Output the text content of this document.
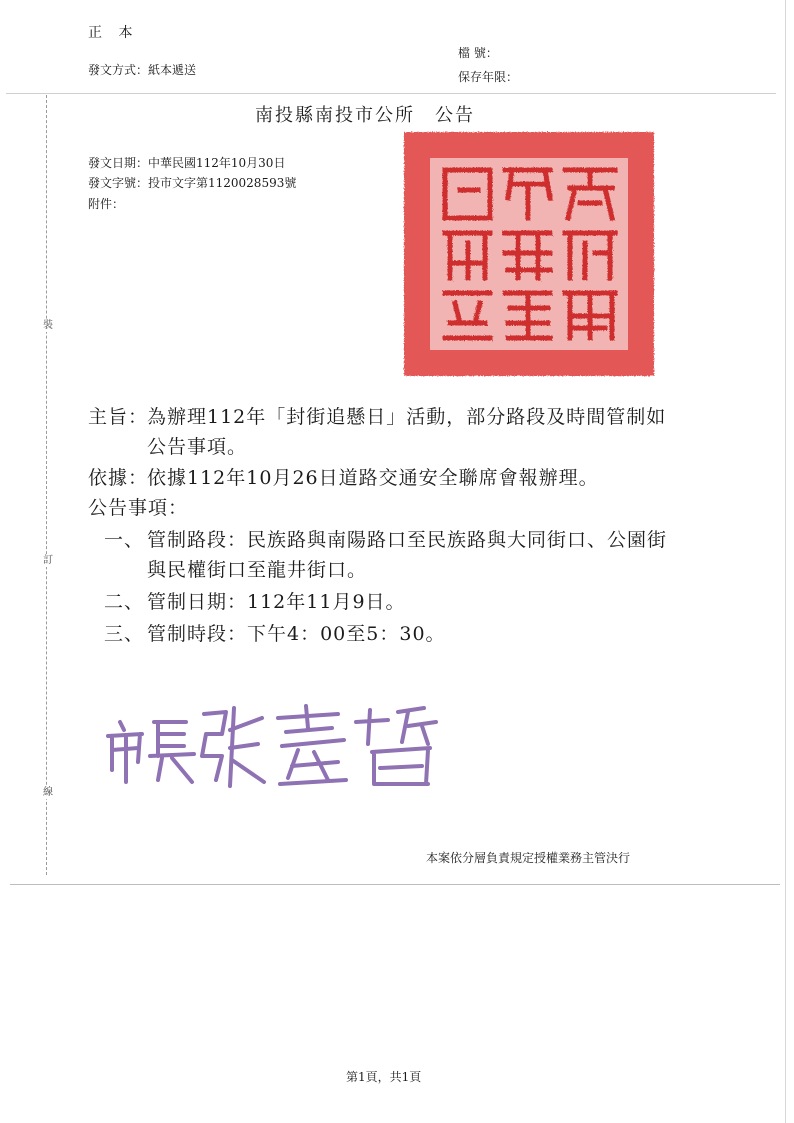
裝
訂
線
正 本
發文方式：紙本遞送
檔 號：
保存年限：
南投縣南投市公所　公告
發文日期：中華民國112年10月30日
發文字號：投市文字第1120028593號
附件：
主旨：
為辦理112年「封街追懸日」活動，部分路段及時間管制如
公告事項。
依據：
依據112年10月26日道路交通安全聯席會報辦理。
公告事項：
一、 管制路段：民族路與南陽路口至民族路與大同街口、公園街
與民權街口至龍井街口。
二、 管制日期：112年11月9日。
三、 管制時段：下午4：00至5：30。
本案依分層負責規定授權業務主管決行
第1頁，共1頁
